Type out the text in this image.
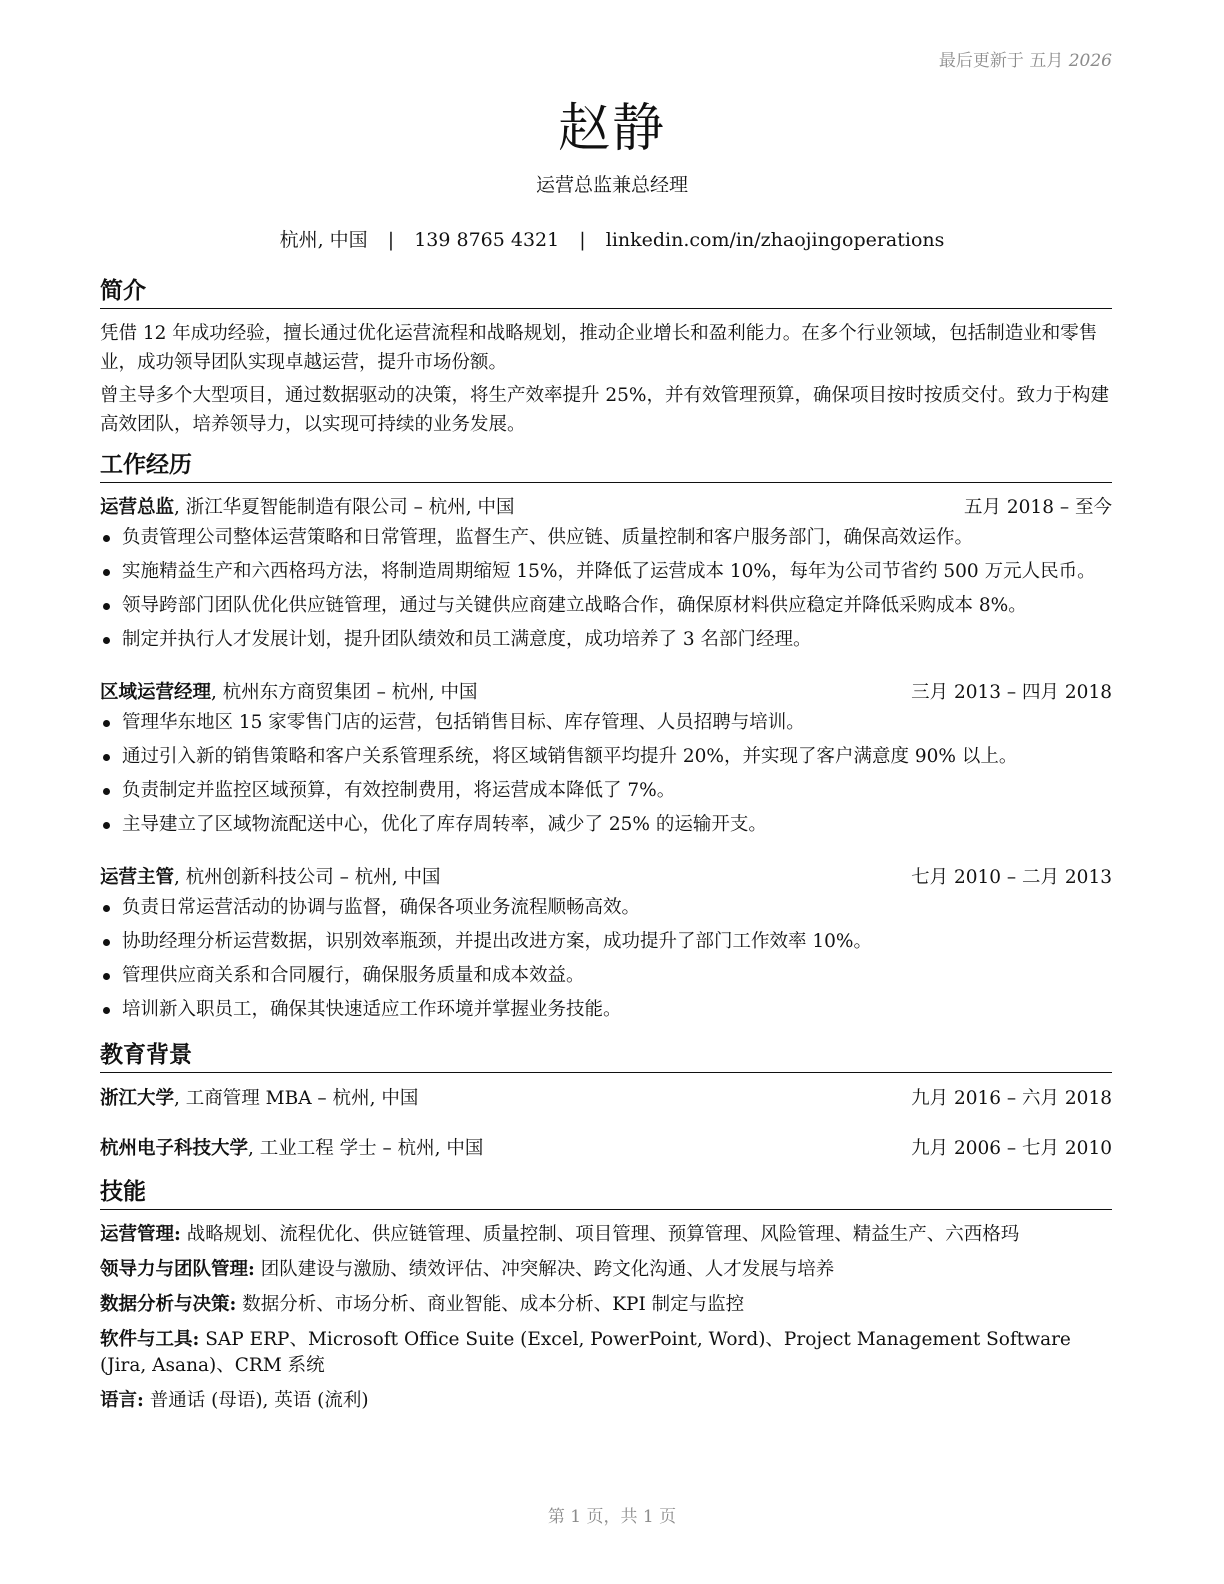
最后更新于 五月 2026
赵静
运营总监兼总经理
杭州, 中国 | 139 8765 4321 | linkedin.com/in/zhaojingoperations
简介
凭借 12 年成功经验，擅长通过优化运营流程和战略规划，推动企业增长和盈利能力。在多个行业领域，包括制造业和零售业，成功领导团队实现卓越运营，提升市场份额。
曾主导多个大型项目，通过数据驱动的决策，将生产效率提升 25%，并有效管理预算，确保项目按时按质交付。致力于构建高效团队，培养领导力，以实现可持续的业务发展。
工作经历
运营总监, 浙江华夏智能制造有限公司 – 杭州, 中国	五月 2018 – 至今
负责管理公司整体运营策略和日常管理，监督生产、供应链、质量控制和客户服务部门，确保高效运作。
实施精益生产和六西格玛方法，将制造周期缩短 15%，并降低了运营成本 10%，每年为公司节省约 500 万元人民币。
领导跨部门团队优化供应链管理，通过与关键供应商建立战略合作，确保原材料供应稳定并降低采购成本 8%。
制定并执行人才发展计划，提升团队绩效和员工满意度，成功培养了 3 名部门经理。
区域运营经理, 杭州东方商贸集团 – 杭州, 中国	三月 2013 – 四月 2018
管理华东地区 15 家零售门店的运营，包括销售目标、库存管理、人员招聘与培训。
通过引入新的销售策略和客户关系管理系统，将区域销售额平均提升 20%，并实现了客户满意度 90% 以上。
负责制定并监控区域预算，有效控制费用，将运营成本降低了 7%。
主导建立了区域物流配送中心，优化了库存周转率，减少了 25% 的运输开支。
运营主管, 杭州创新科技公司 – 杭州, 中国	七月 2010 – 二月 2013
负责日常运营活动的协调与监督，确保各项业务流程顺畅高效。
协助经理分析运营数据，识别效率瓶颈，并提出改进方案，成功提升了部门工作效率 10%。
管理供应商关系和合同履行，确保服务质量和成本效益。
培训新入职员工，确保其快速适应工作环境并掌握业务技能。
教育背景
浙江大学, 工商管理 MBA – 杭州, 中国	九月 2016 – 六月 2018
杭州电子科技大学, 工业工程 学士 – 杭州, 中国	九月 2006 – 七月 2010
技能
运营管理: 战略规划、流程优化、供应链管理、质量控制、项目管理、预算管理、风险管理、精益生产、六西格玛
领导力与团队管理: 团队建设与激励、绩效评估、冲突解决、跨文化沟通、人才发展与培养
数据分析与决策: 数据分析、市场分析、商业智能、成本分析、KPI 制定与监控
软件与工具: SAP ERP、Microsoft Office Suite (Excel, PowerPoint, Word)、Project Management Software (Jira, Asana)、CRM 系统
语言: 普通话 (母语), 英语 (流利)
第 1 页，共 1 页
